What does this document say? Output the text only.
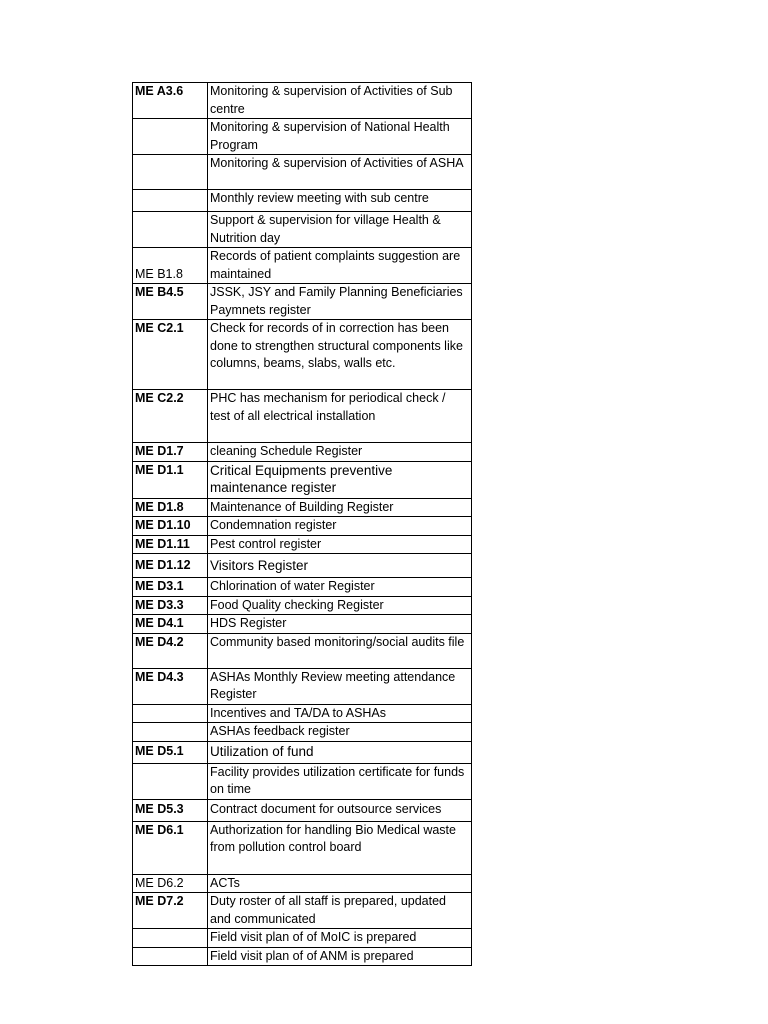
ME A3.6	Monitoring & supervision of Activities of Sub centre
	Monitoring & supervision of National Health Program
	Monitoring & supervision of Activities of ASHA
	Monthly review meeting with sub centre
	Support & supervision for village Health & Nutrition day
ME B1.8	Records of patient complaints suggestion are maintained
ME B4.5	JSSK, JSY and Family Planning Beneficiaries Paymnets register
ME C2.1	Check for records of in correction has been done to strengthen structural components like columns, beams, slabs, walls etc.
ME C2.2	PHC has mechanism for periodical check / test of all electrical installation
ME D1.7	cleaning Schedule Register
ME D1.1	Critical Equipments preventive maintenance register
ME D1.8	Maintenance of Building Register
ME D1.10	Condemnation register
ME D1.11	Pest control register
ME D1.12	Visitors Register
ME D3.1	Chlorination of water Register
ME D3.3	Food Quality checking Register
ME D4.1	HDS Register
ME D4.2	Community based monitoring/social audits file
ME D4.3	ASHAs Monthly Review meeting attendance Register
	Incentives and TA/DA to ASHAs
	ASHAs feedback register
ME D5.1	Utilization of fund
	Facility provides utilization certificate for funds on time
ME D5.3	Contract document for outsource services
ME D6.1	Authorization for handling Bio Medical waste from pollution control board
ME D6.2	ACTs
ME D7.2	Duty roster of all staff is prepared, updated and communicated
	Field visit plan of of MoIC is prepared
	Field visit plan of of ANM is prepared
